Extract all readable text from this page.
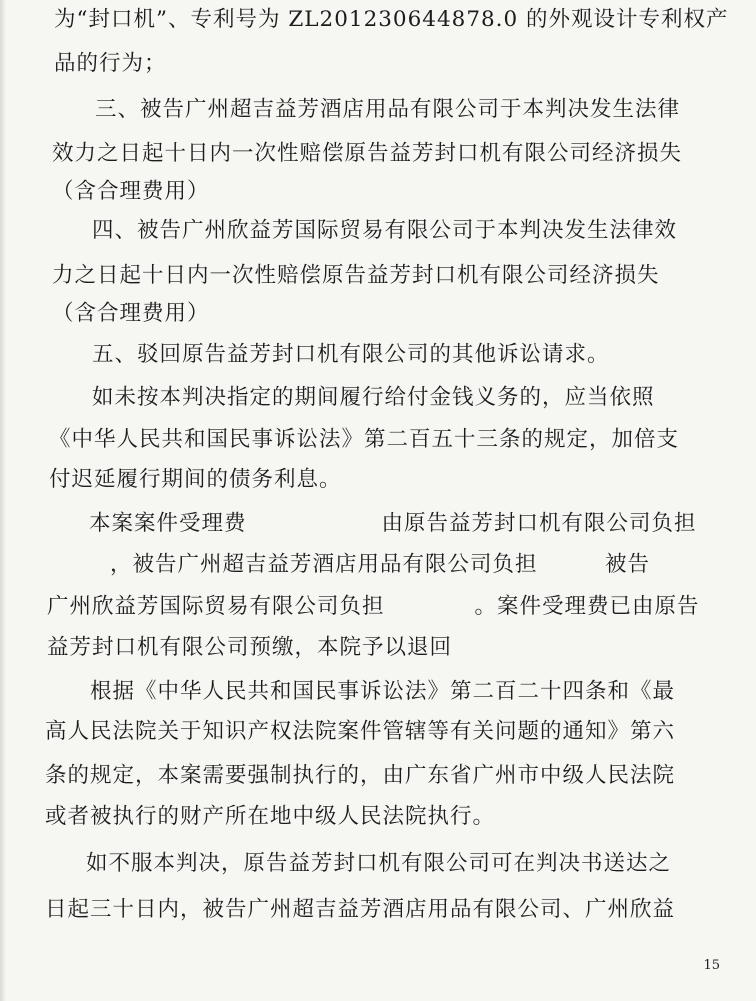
为“封口机”、专利号为 ZL201230644878.0 的外观设计专利权产
品的行为；
三、被告广州超吉益芳酒店用品有限公司于本判决发生法律
效力之日起十日内一次性赔偿原告益芳封口机有限公司经济损失
（含合理费用）
四、被告广州欣益芳国际贸易有限公司于本判决发生法律效
力之日起十日内一次性赔偿原告益芳封口机有限公司经济损失
（含合理费用）
五、驳回原告益芳封口机有限公司的其他诉讼请求。
如未按本判决指定的期间履行给付金钱义务的，应当依照
《中华人民共和国民事诉讼法》第二百五十三条的规定，加倍支
付迟延履行期间的债务利息。
本案案件受理费　　　　　　由原告益芳封口机有限公司负担
，被告广州超吉益芳酒店用品有限公司负担　　　被告
广州欣益芳国际贸易有限公司负担　　　　。案件受理费已由原告
益芳封口机有限公司预缴，本院予以退回
根据《中华人民共和国民事诉讼法》第二百二十四条和《最
高人民法院关于知识产权法院案件管辖等有关问题的通知》第六
条的规定，本案需要强制执行的，由广东省广州市中级人民法院
或者被执行的财产所在地中级人民法院执行。
如不服本判决，原告益芳封口机有限公司可在判决书送达之
日起三十日内，被告广州超吉益芳酒店用品有限公司、广州欣益
15
